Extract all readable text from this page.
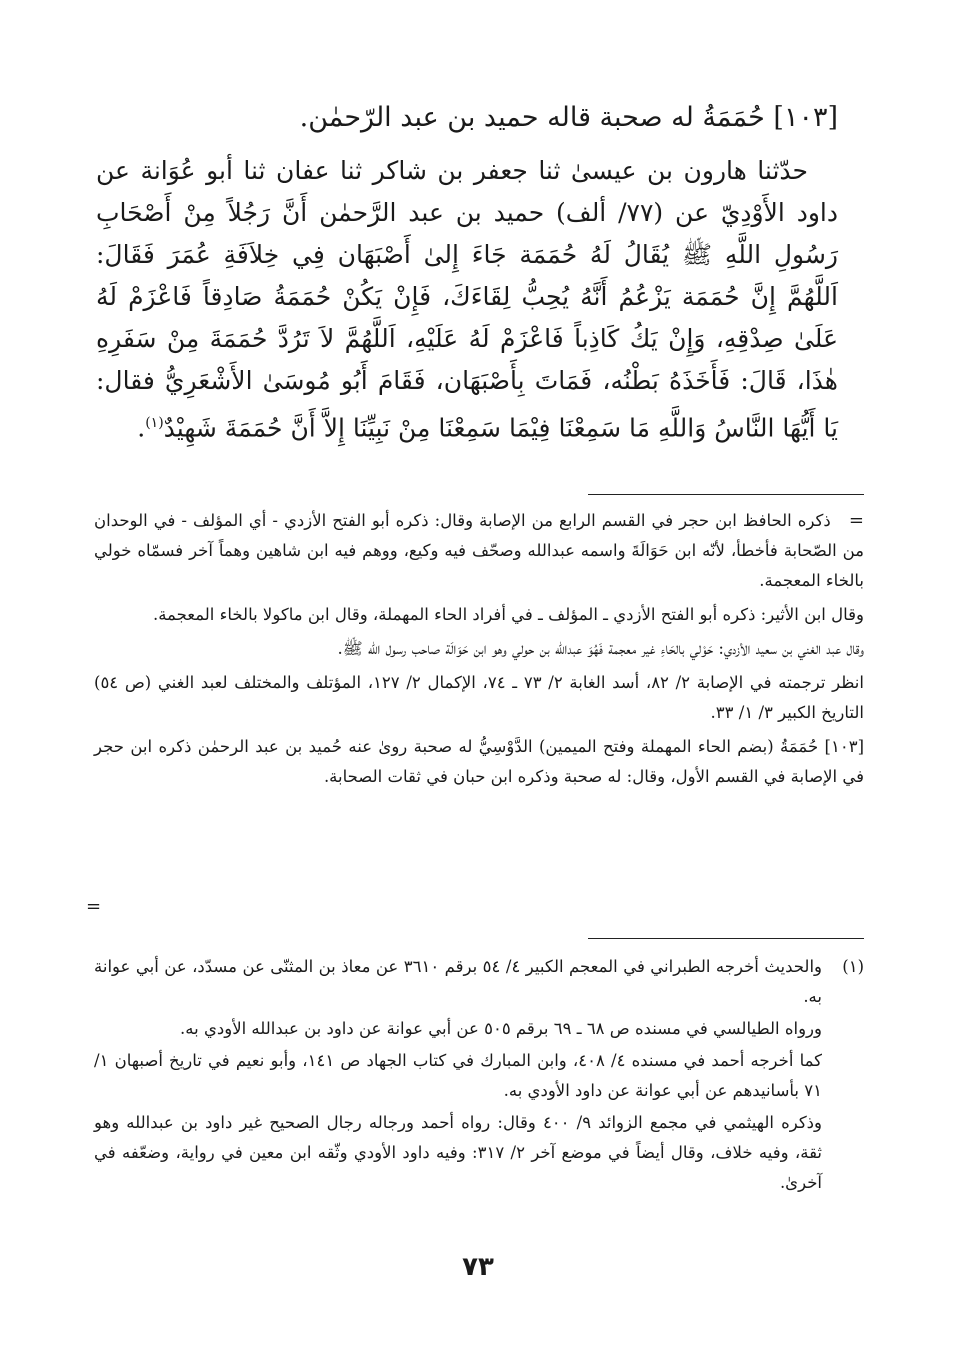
[١٠٣] حُمَمَةُ له صحبة قاله حميد بن عبد الرّحمٰن.

حدّثنا هارون بن عيسىٰ ثنا جعفر بن شاكر ثنا عفان ثنا أبو عُوَانة عن داود الأَوْدِيّ عن (٧٧/ ألف) حميد بن عبد الرَّحمٰن أَنَّ رَجُلاً مِنْ أَصْحَابِ رَسُولِ اللَّهِ ﷺ يُقَالُ لَهُ حُمَمَة جَاءَ إِلىٰ أَصْبَهَان فِي خِلاَفَةِ عُمَرَ فَقَالَ: اَللَّهُمَّ إِنَّ حُمَمَة يَزْعُمُ أَنَّهُ يُحِبُّ لِقَاءَكَ، فَإِنْ يَكُنْ حُمَمَةُ صَادِقاً فَاعْزَمْ لَهُ عَلَىٰ صِدْقِهِ، وَإِنْ يَكُ كَاذِباً فَاعْزَمْ لَهُ عَلَيْهِ، اَللَّهُمَّ لاَ تَرُدَّ حُمَمَةَ مِنْ سَفَرِهِ هٰذَا، قَالَ: فَأَخَذَهُ بَطْنُه، فَمَاتَ بِأَصْبَهَان، فَقَامَ أَبُو مُوسَىٰ الأَشْعَرِيُّ فقال: يَا أَيُّهَا النَّاسُ وَاللَّهِ مَا سَمِعْنَا فِيْمَا سَمِعْنَا مِنْ نَبِيِّنَا إِلاَّ أَنَّ حُمَمَةَ شَهِيْدٌ$^{(١)}$.

=   ذكره الحافظ ابن حجر في القسم الرابع من الإصابة وقال: ذكره أبو الفتح الأزدي - أي المؤلف - في الوحدان من الصّحابة فأخطأ، لأنّه ابن حَوَالَةَ واسمه عبدالله وصحّف فيه وكيع، ووهم فيه ابن شاهين وهماً آخر فسمّاه خولي بالخاء المعجمة.

وقال ابن الأثير: ذكره أبو الفتح الأزدي ـ المؤلف ـ في أفراد الحاء المهملة، وقال ابن ماكولا بالخاء المعجمة.

وقال عبد الغني بن سعيد الأزدي: حَوْلي بالحَاءِ غير معجمة فَهُوَ عبدالله بن حولي وهو ابن حَوَالَة صاحب رسول الله ﷺ.

انظر ترجمته في الإصابة ٢/ ٨٢، أسد الغابة ٢/ ٧٣ ـ ٧٤، الإكمال ٢/ ١٢٧، المؤتلف والمختلف لعبد الغني (ص ٥٤) التاريخ الكبير ٣/ ١/ ٣٣.

[١٠٣] حُمَمَةُ (بضم الحاء المهملة وفتح الميمين) الدَّوْسِيُّ له صحبة روىٰ عنه حُميد بن عبد الرحمٰن ذكره ابن حجر في الإصابة في القسم الأول، وقال: له صحبة وذكره ابن حبان في ثقات الصحابة.

=
(١)

والحديث أخرجه الطبراني في المعجم الكبير ٤/ ٥٤ برقم ٣٦١٠ عن معاذ بن المثنّى عن مسدّد، عن أبي عوانة به.

ورواه الطيالسي في مسنده ص ٦٨ ـ ٦٩ برقم ٥٠٥ عن أبي عوانة عن داود بن عبدالله الأودي به.

كما أخرجه أحمد في مسنده ٤/ ٤٠٨، وابن المبارك في كتاب الجهاد ص ١٤١، وأبو نعيم في تاريخ أصبهان ١/ ٧١ بأسانيدهم عن أبي عوانة عن داود الأودي به.

وذكره الهيثمي في مجمع الزوائد ٩/ ٤٠٠ وقال: رواه أحمد ورجاله رجال الصحيح غير داود بن عبدالله وهو ثقة، وفيه خلاف، وقال أيضاً في موضع آخر ٢/ ٣١٧: وفيه داود الأودي وثّقه ابن معين في رواية، وضعّفه في آخرىٰ.

٧٣
